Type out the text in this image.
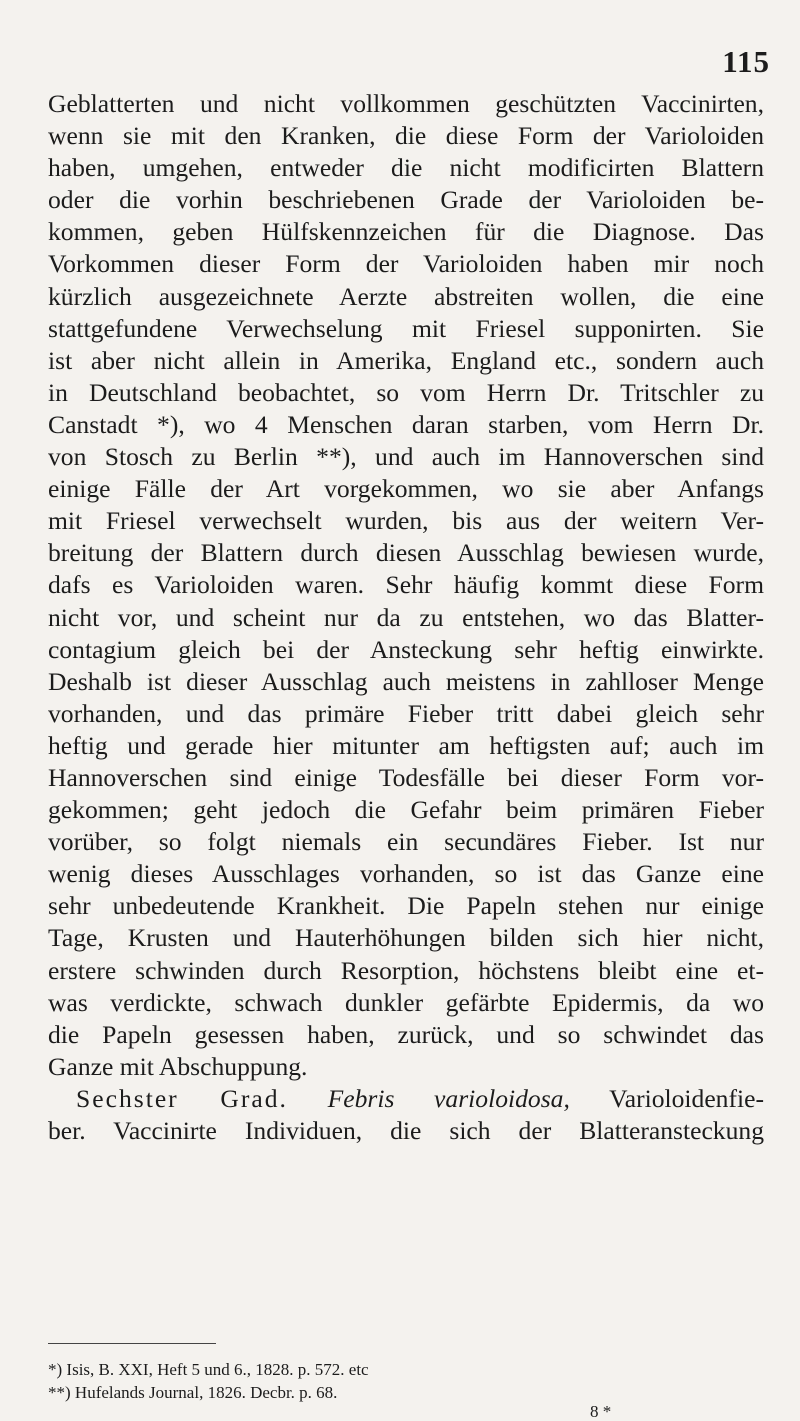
115
Geblatterten und nicht vollkommen geschützten Vaccinirten,
wenn sie mit den Kranken, die diese Form der Varioloiden
haben, umgehen, entweder die nicht modificirten Blattern
oder die vorhin beschriebenen Grade der Varioloiden be-
kommen, geben Hülfskennzeichen für die Diagnose. Das
Vorkommen dieser Form der Varioloiden haben mir noch
kürzlich ausgezeichnete Aerzte abstreiten wollen, die eine
stattgefundene Verwechselung mit Friesel supponirten. Sie
ist aber nicht allein in Amerika, England etc., sondern auch
in Deutschland beobachtet, so vom Herrn Dr. Tritschler zu
Canstadt *), wo 4 Menschen daran starben, vom Herrn Dr.
von Stosch zu Berlin **), und auch im Hannoverschen sind
einige Fälle der Art vorgekommen, wo sie aber Anfangs
mit Friesel verwechselt wurden, bis aus der weitern Ver-
breitung der Blattern durch diesen Ausschlag bewiesen wurde,
dafs es Varioloiden waren. Sehr häufig kommt diese Form
nicht vor, und scheint nur da zu entstehen, wo das Blatter-
contagium gleich bei der Ansteckung sehr heftig einwirkte.
Deshalb ist dieser Ausschlag auch meistens in zahlloser Menge
vorhanden, und das primäre Fieber tritt dabei gleich sehr
heftig und gerade hier mitunter am heftigsten auf; auch im
Hannoverschen sind einige Todesfälle bei dieser Form vor-
gekommen; geht jedoch die Gefahr beim primären Fieber
vorüber, so folgt niemals ein secundäres Fieber. Ist nur
wenig dieses Ausschlages vorhanden, so ist das Ganze eine
sehr unbedeutende Krankheit. Die Papeln stehen nur einige
Tage, Krusten und Hauterhöhungen bilden sich hier nicht,
erstere schwinden durch Resorption, höchstens bleibt eine et-
was verdickte, schwach dunkler gefärbte Epidermis, da wo
die Papeln gesessen haben, zurück, und so schwindet das
Ganze mit Abschuppung.
Sechster Grad. Febris varioloidosa, Varioloidenfie-
ber. Vaccinirte Individuen, die sich der Blatteransteckung
*) Isis, B. XXI, Heft 5 und 6., 1828. p. 572. etc
**) Hufelands Journal, 1826. Decbr. p. 68.
8 *
